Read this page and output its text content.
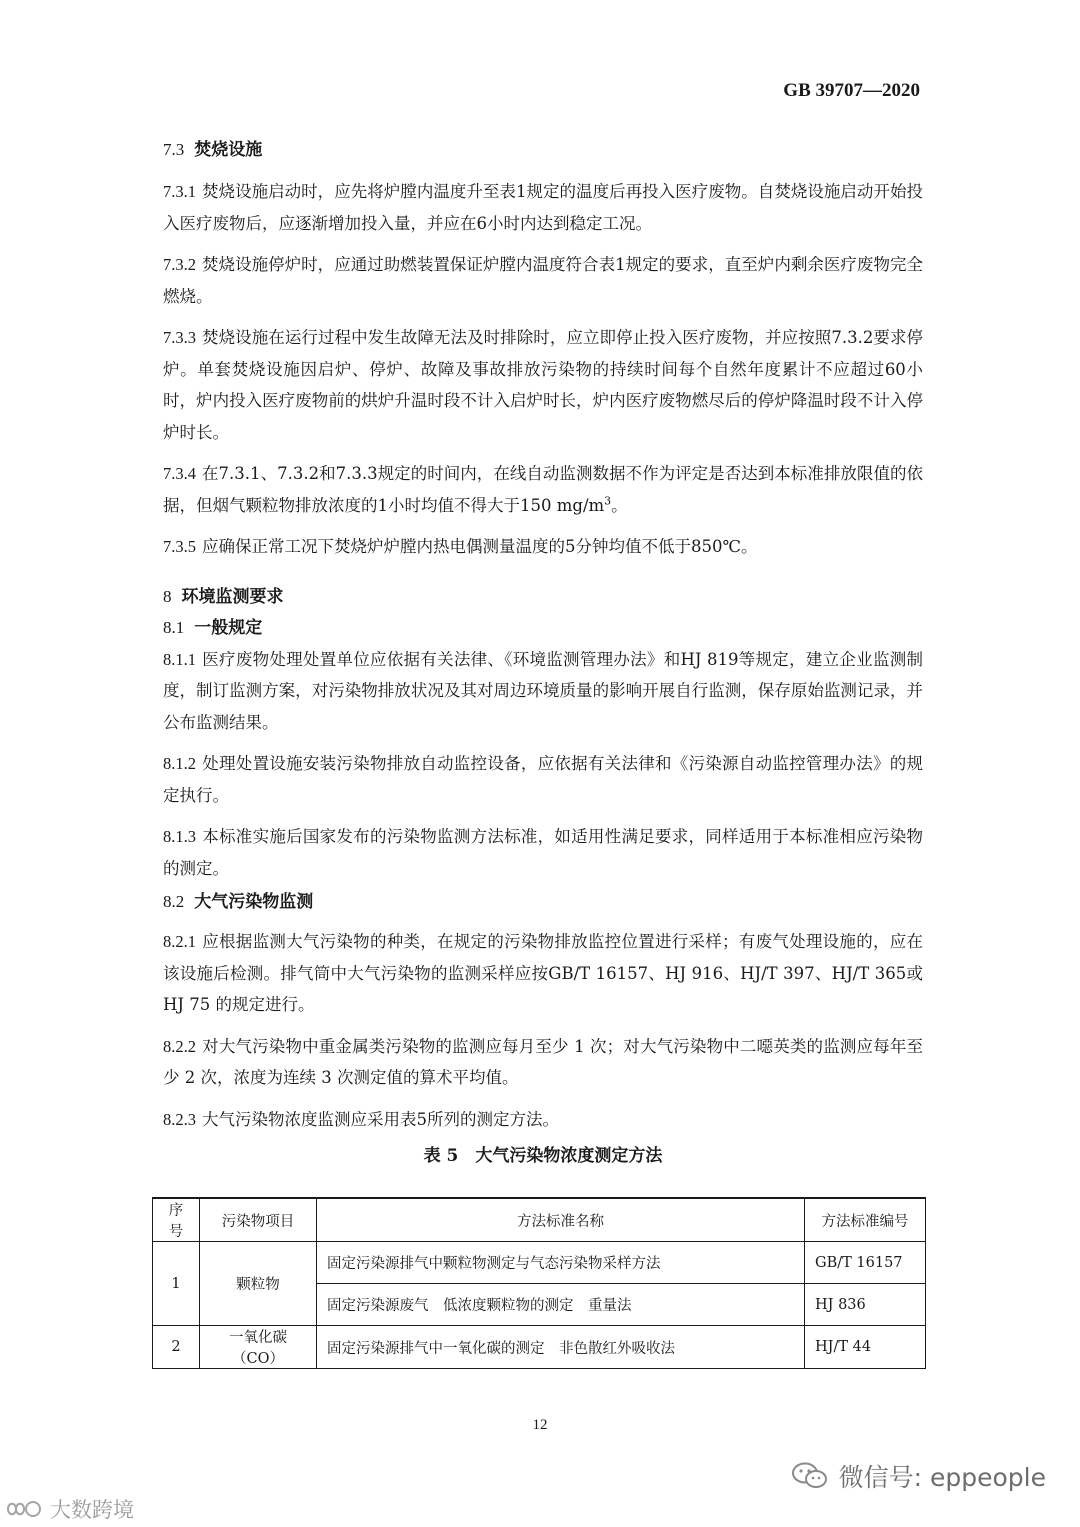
GB 39707—2020

7.3 焚烧设施

7.3.1 焚烧设施启动时，应先将炉膛内温度升至表1规定的温度后再投入医疗废物。自焚烧设施启动开始投入医疗废物后，应逐渐增加投入量，并应在6小时内达到稳定工况。

7.3.2 焚烧设施停炉时，应通过助燃装置保证炉膛内温度符合表1规定的要求，直至炉内剩余医疗废物完全燃烧。

7.3.3 焚烧设施在运行过程中发生故障无法及时排除时，应立即停止投入医疗废物，并应按照7.3.2要求停炉。单套焚烧设施因启炉、停炉、故障及事故排放污染物的持续时间每个自然年度累计不应超过60小时，炉内投入医疗废物前的烘炉升温时段不计入启炉时长，炉内医疗废物燃尽后的停炉降温时段不计入停炉时长。

7.3.4 在7.3.1、7.3.2和7.3.3规定的时间内，在线自动监测数据不作为评定是否达到本标准排放限值的依据，但烟气颗粒物排放浓度的1小时均值不得大于150 $mg/m^3$。

7.3.5 应确保正常工况下焚烧炉炉膛内热电偶测量温度的5分钟均值不低于850℃。

8 环境监测要求

8.1 一般规定

8.1.1 医疗废物处理处置单位应依据有关法律、《环境监测管理办法》和HJ 819等规定，建立企业监测制度，制订监测方案，对污染物排放状况及其对周边环境质量的影响开展自行监测，保存原始监测记录，并公布监测结果。

8.1.2 处理处置设施安装污染物排放自动监控设备，应依据有关法律和《污染源自动监控管理办法》的规定执行。

8.1.3 本标准实施后国家发布的污染物监测方法标准，如适用性满足要求，同样适用于本标准相应污染物的测定。

8.2 大气污染物监测

8.2.1 应根据监测大气污染物的种类，在规定的污染物排放监控位置进行采样；有废气处理设施的，应在该设施后检测。排气筒中大气污染物的监测采样应按GB/T 16157、HJ 916、HJ/T 397、HJ/T 365或HJ 75 的规定进行。

8.2.2 对大气污染物中重金属类污染物的监测应每月至少 1 次；对大气污染物中二噁英类的监测应每年至少 2 次，浓度为连续 3 次测定值的算术平均值。

8.2.3 大气污染物浓度监测应采用表5所列的测定方法。

表 5　大气污染物浓度测定方法
序号	污染物项目	方法标准名称	方法标准编号
1	颗粒物	固定污染源排气中颗粒物测定与气态污染物采样方法	GB/T 16157
		固定污染源废气　低浓度颗粒物的测定　重量法	HJ 836
2	一氧化碳（CO）	固定污染源排气中一氧化碳的测定　非色散红外吸收法	HJ/T 44
12
微信号: eppeople
大数跨境
